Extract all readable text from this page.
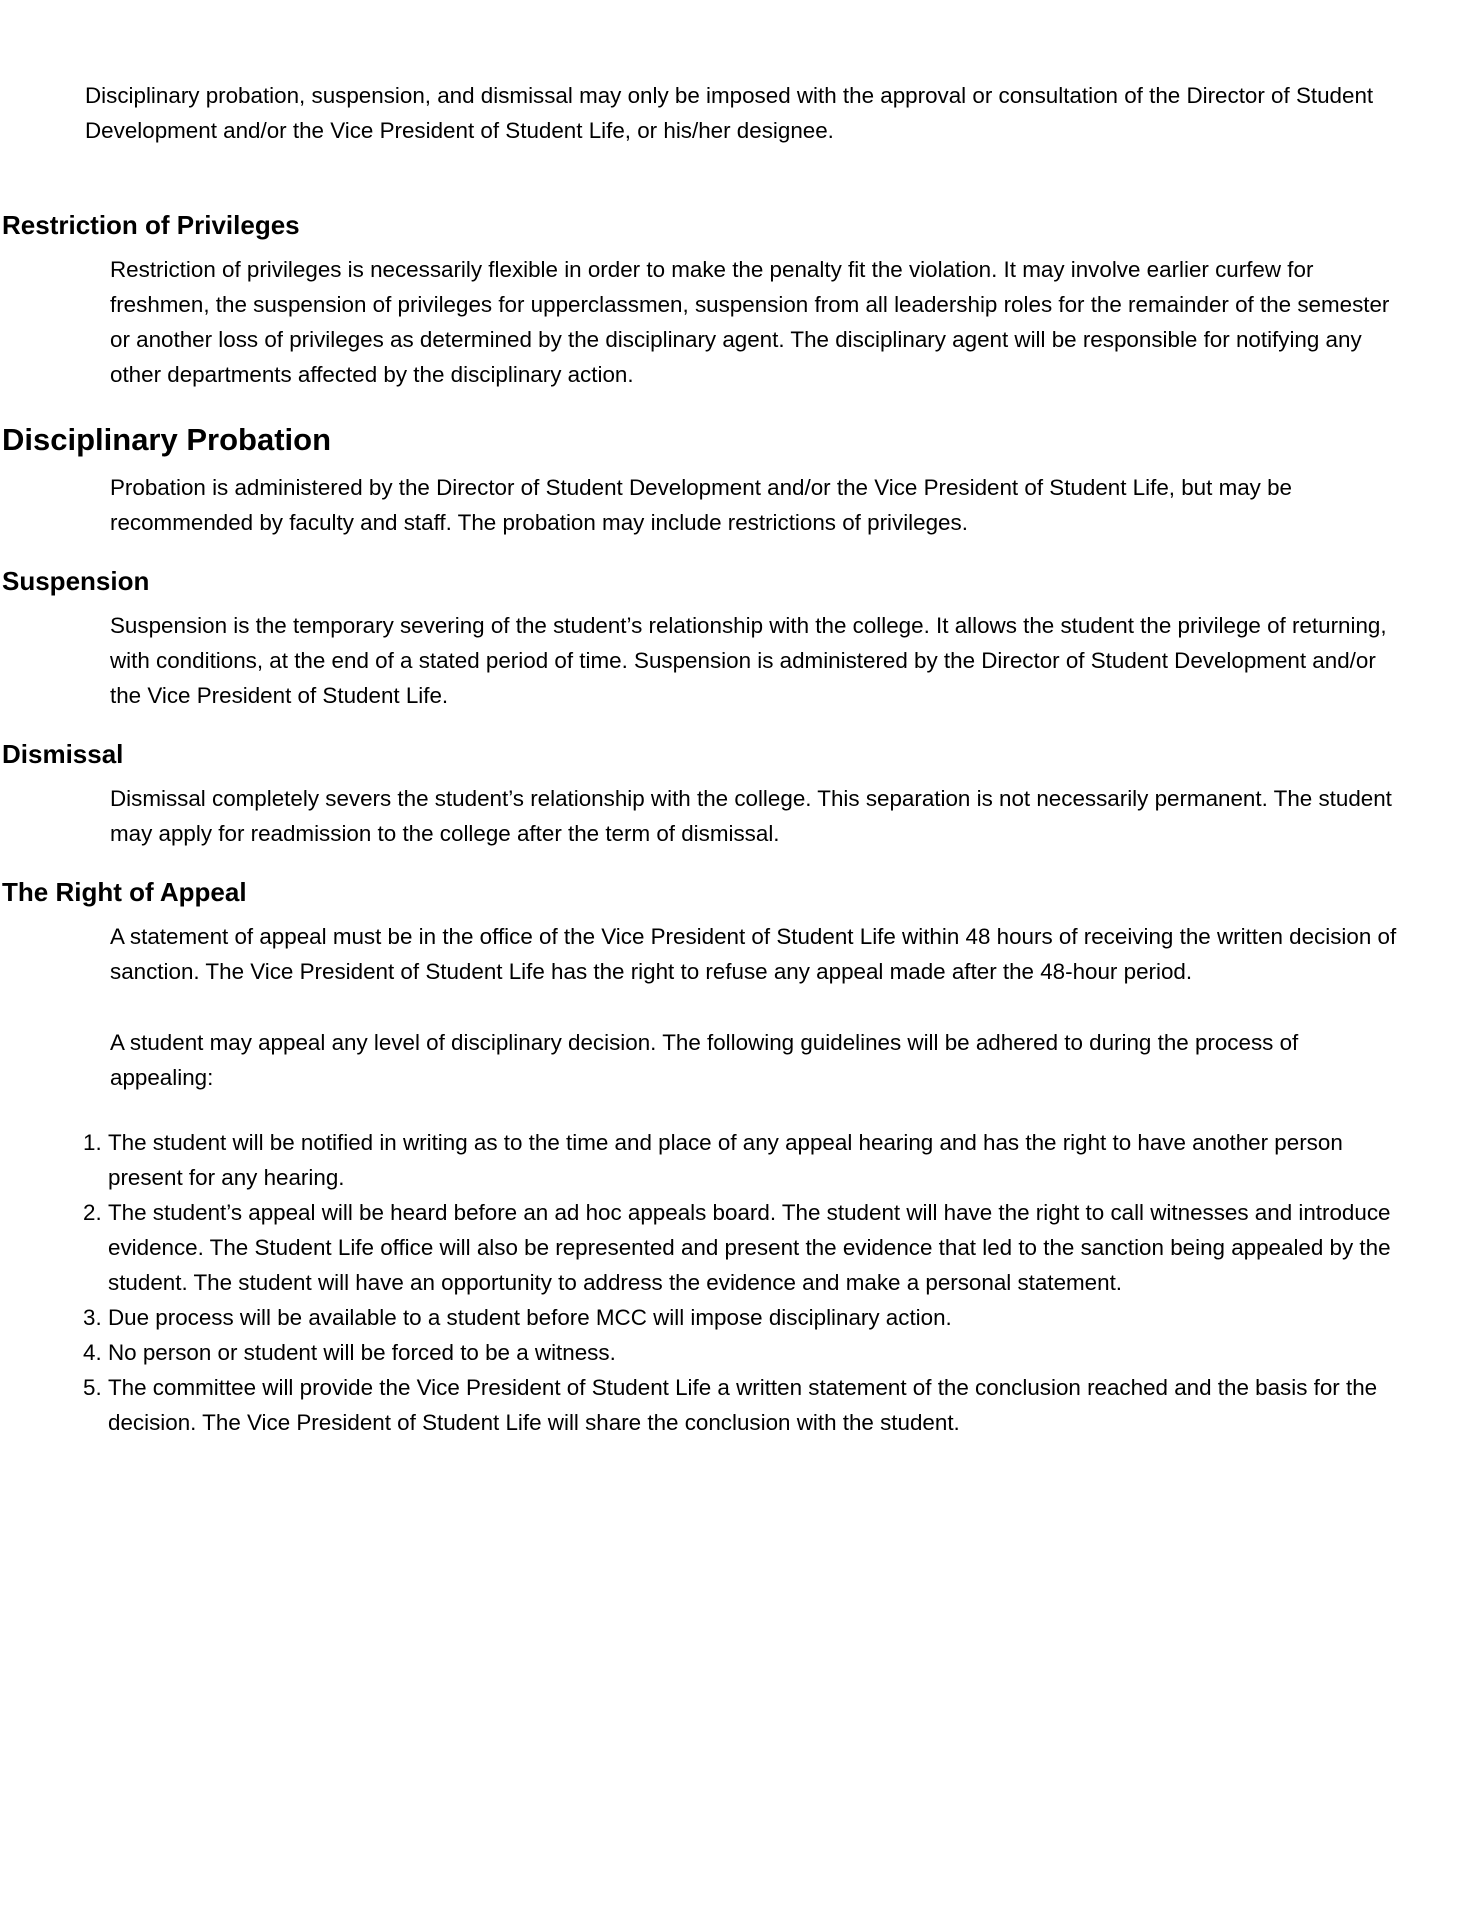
Disciplinary probation, suspension, and dismissal may only be imposed with the approval or consultation of the Director of Student Development and/or the Vice President of Student Life, or his/her designee.

Restriction of Privileges

Restriction of privileges is necessarily flexible in order to make the penalty fit the violation. It may involve earlier curfew for freshmen, the suspension of privileges for upperclassmen, suspension from all leadership roles for the remainder of the semester or another loss of privileges as determined by the disciplinary agent. The disciplinary agent will be responsible for notifying any other departments affected by the disciplinary action.

Disciplinary Probation

Probation is administered by the Director of Student Development and/or the Vice President of Student Life, but may be recommended by faculty and staff. The probation may include restrictions of privileges.

Suspension

Suspension is the temporary severing of the student’s relationship with the college. It allows the student the privilege of returning, with conditions, at the end of a stated period of time. Suspension is administered by the Director of Student Development and/or the Vice President of Student Life.

Dismissal

Dismissal completely severs the student’s relationship with the college. This separation is not necessarily permanent. The student may apply for readmission to the college after the term of dismissal.

The Right of Appeal

A statement of appeal must be in the office of the Vice President of Student Life within 48 hours of receiving the written decision of sanction. The Vice President of Student Life has the right to refuse any appeal made after the 48-hour period.

A student may appeal any level of disciplinary decision. The following guidelines will be adhered to during the process of appealing:

1. The student will be notified in writing as to the time and place of any appeal hearing and has the right to have another person present for any hearing.
2. The student’s appeal will be heard before an ad hoc appeals board. The student will have the right to call witnesses and introduce evidence. The Student Life office will also be represented and present the evidence that led to the sanction being appealed by the student. The student will have an opportunity to address the evidence and make a personal statement.
3. Due process will be available to a student before MCC will impose disciplinary action.
4. No person or student will be forced to be a witness.
5. The committee will provide the Vice President of Student Life a written statement of the conclusion reached and the basis for the decision. The Vice President of Student Life will share the conclusion with the student.
